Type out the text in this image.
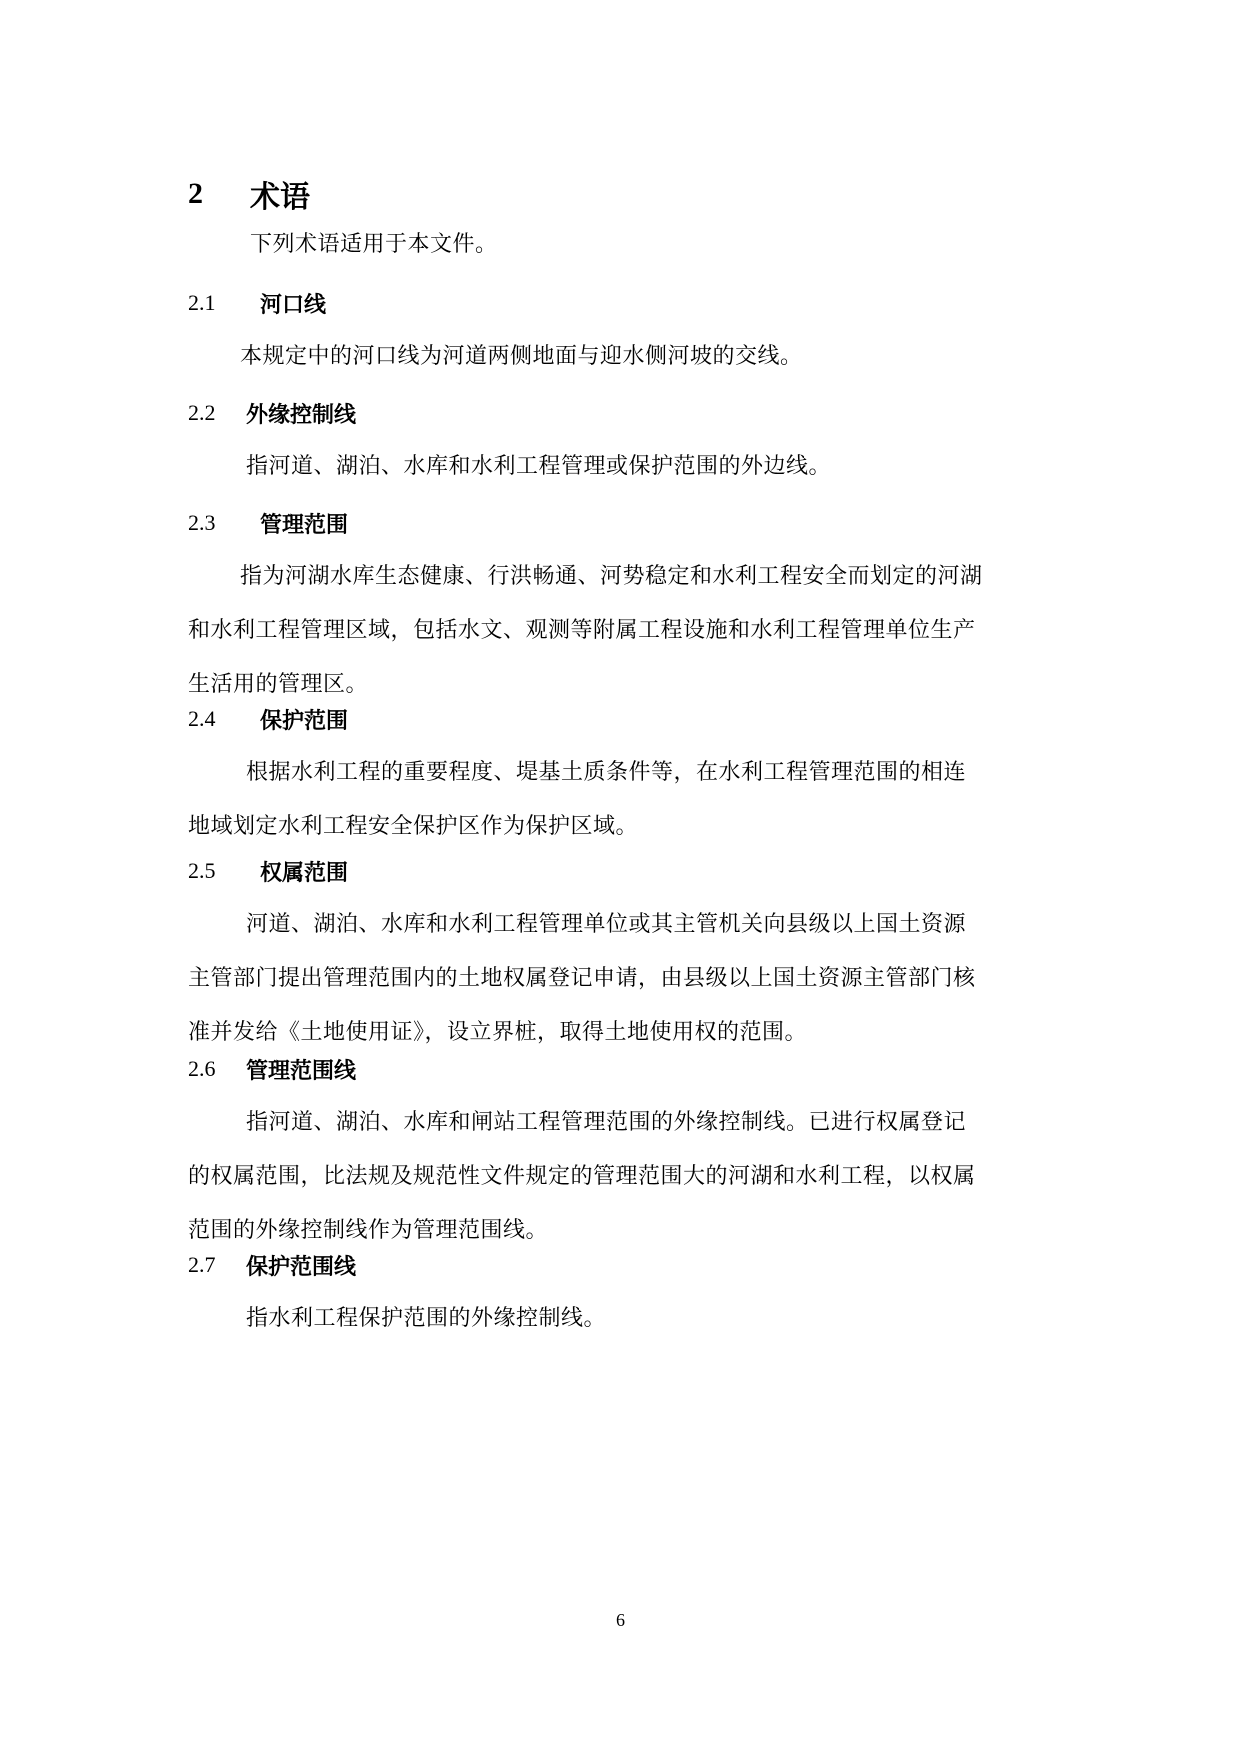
2	术语

下列术语适用于本文件。

2.1	河口线

本规定中的河口线为河道两侧地面与迎水侧河坡的交线。

2.2	外缘控制线

指河道、湖泊、水库和水利工程管理或保护范围的外边线。

2.3	管理范围

指为河湖水库生态健康、行洪畅通、河势稳定和水利工程安全而划定的河湖
和水利工程管理区域，包括水文、观测等附属工程设施和水利工程管理单位生产
生活用的管理区。

2.4	保护范围

根据水利工程的重要程度、堤基土质条件等，在水利工程管理范围的相连
地域划定水利工程安全保护区作为保护区域。

2.5	权属范围

河道、湖泊、水库和水利工程管理单位或其主管机关向县级以上国土资源
主管部门提出管理范围内的土地权属登记申请，由县级以上国土资源主管部门核
准并发给《土地使用证》，设立界桩，取得土地使用权的范围。

2.6	管理范围线

指河道、湖泊、水库和闸站工程管理范围的外缘控制线。已进行权属登记
的权属范围，比法规及规范性文件规定的管理范围大的河湖和水利工程，以权属
范围的外缘控制线作为管理范围线。

2.7	保护范围线

指水利工程保护范围的外缘控制线。

6
